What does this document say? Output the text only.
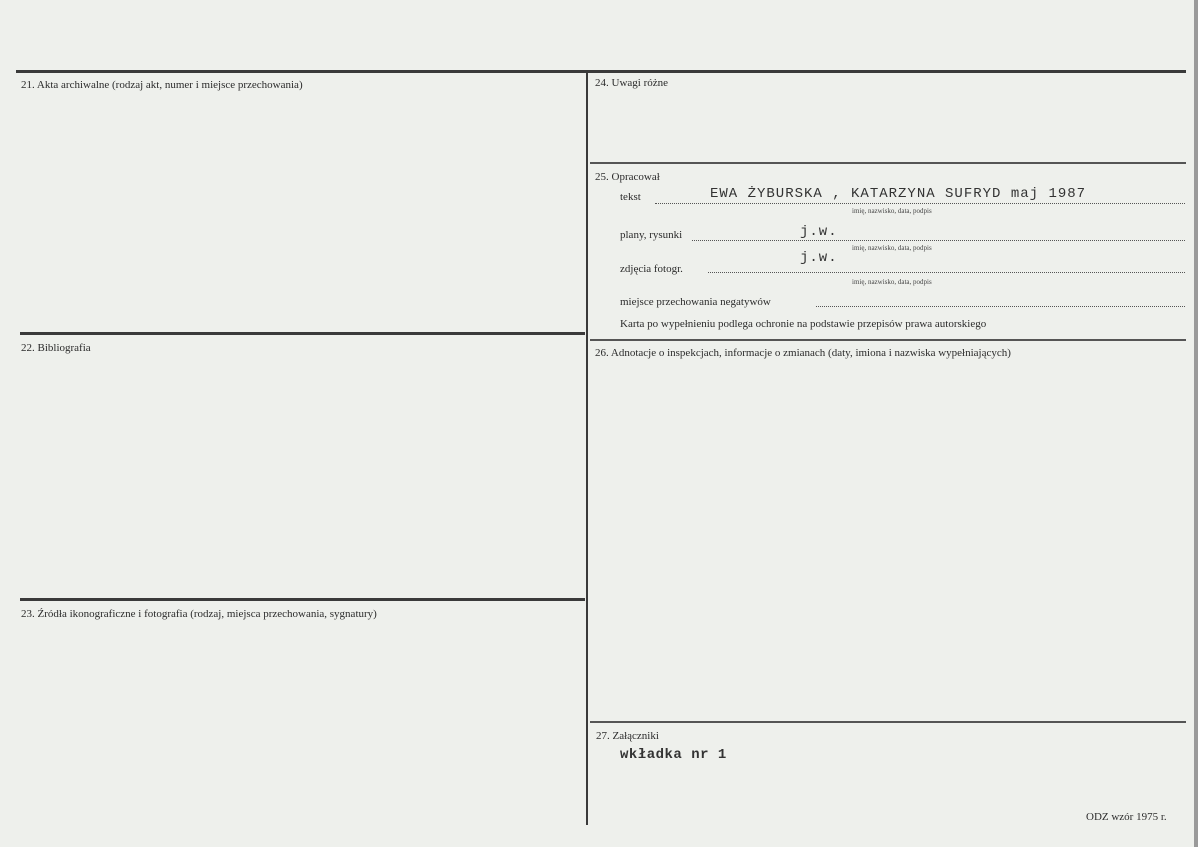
21. Akta archiwalne (rodzaj akt, numer i miejsce przechowania)
22. Bibliografia
23. Źródła ikonograficzne i fotografia (rodzaj, miejsca przechowania, sygnatury)
24. Uwagi różne
25. Opracował
tekst	EWA ŻYBURSKA , KATARZYNA SUFRYD maj 1987
imię, nazwisko, data, podpis
plany, rysunki	j.w.
imię, nazwisko, data, podpis
zdjęcia fotogr.
j.w.
imię, nazwisko, data, podpis
miejsce przechowania negatywów
Karta po wypełnieniu podlega ochronie na podstawie przepisów prawa autorskiego
26. Adnotacje o inspekcjach, informacje o zmianach (daty, imiona i nazwiska wypełniających)
27. Załączniki
wkładka nr 1
ODZ wzór 1975 r.
